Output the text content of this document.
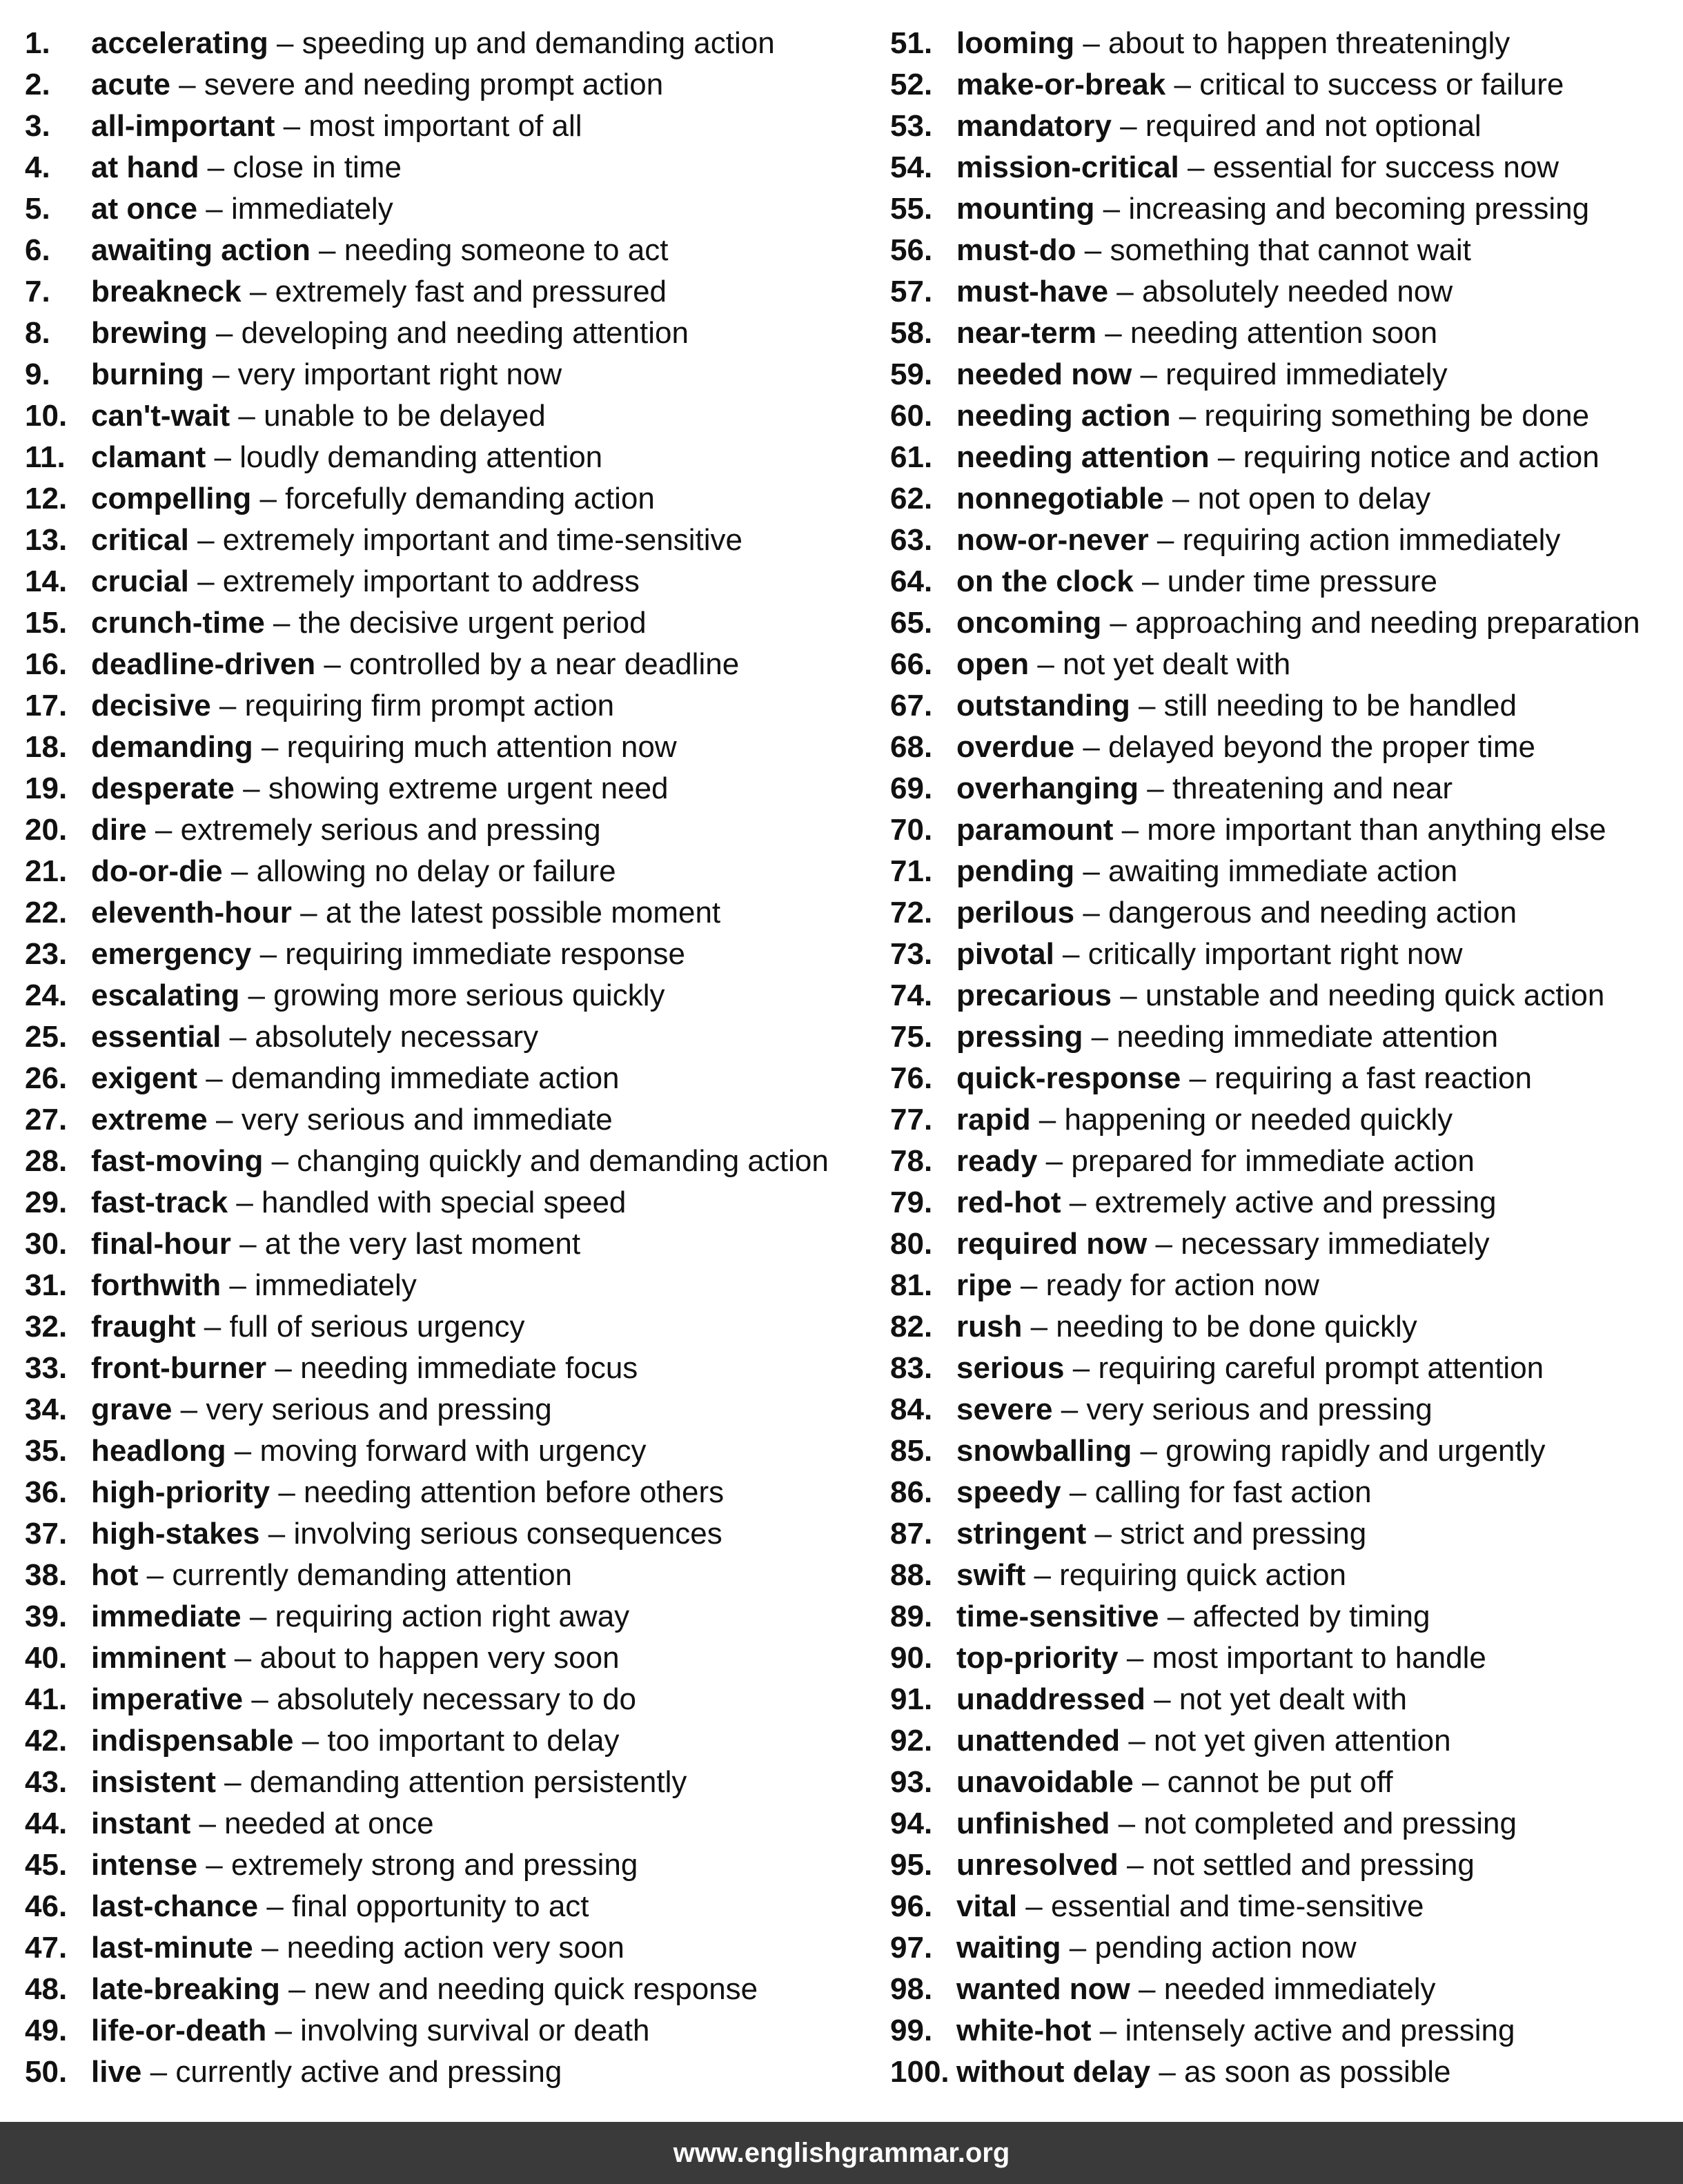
1.	accelerating – speeding up and demanding action
2.	acute – severe and needing prompt action
3.	all-important – most important of all
4.	at hand – close in time
5.	at once – immediately
6.	awaiting action – needing someone to act
7.	breakneck – extremely fast and pressured
8.	brewing – developing and needing attention
9.	burning – very important right now
10. can't-wait – unable to be delayed
11. clamant – loudly demanding attention
12. compelling – forcefully demanding action
13. critical – extremely important and time-sensitive
14. crucial – extremely important to address
15. crunch-time – the decisive urgent period
16. deadline-driven – controlled by a near deadline
17. decisive – requiring firm prompt action
18. demanding – requiring much attention now
19. desperate – showing extreme urgent need
20. dire – extremely serious and pressing
21. do-or-die – allowing no delay or failure
22. eleventh-hour – at the latest possible moment
23. emergency – requiring immediate response
24. escalating – growing more serious quickly
25. essential – absolutely necessary
26. exigent – demanding immediate action
27. extreme – very serious and immediate
28. fast-moving – changing quickly and demanding action
29. fast-track – handled with special speed
30. final-hour – at the very last moment
31. forthwith – immediately
32. fraught – full of serious urgency
33. front-burner – needing immediate focus
34. grave – very serious and pressing
35. headlong – moving forward with urgency
36. high-priority – needing attention before others
37. high-stakes – involving serious consequences
38. hot – currently demanding attention
39. immediate – requiring action right away
40. imminent – about to happen very soon
41. imperative – absolutely necessary to do
42. indispensable – too important to delay
43. insistent – demanding attention persistently
44. instant – needed at once
45. intense – extremely strong and pressing
46. last-chance – final opportunity to act
47. last-minute – needing action very soon
48. late-breaking – new and needing quick response
49. life-or-death – involving survival or death
50. live – currently active and pressing
51. looming – about to happen threateningly
52. make-or-break – critical to success or failure
53. mandatory – required and not optional
54. mission-critical – essential for success now
55. mounting – increasing and becoming pressing
56. must-do – something that cannot wait
57. must-have – absolutely needed now
58. near-term – needing attention soon
59. needed now – required immediately
60. needing action – requiring something be done
61. needing attention – requiring notice and action
62. nonnegotiable – not open to delay
63. now-or-never – requiring action immediately
64. on the clock – under time pressure
65. oncoming – approaching and needing preparation
66. open – not yet dealt with
67. outstanding – still needing to be handled
68. overdue – delayed beyond the proper time
69. overhanging – threatening and near
70. paramount – more important than anything else
71. pending – awaiting immediate action
72. perilous – dangerous and needing action
73. pivotal – critically important right now
74. precarious – unstable and needing quick action
75. pressing – needing immediate attention
76. quick-response – requiring a fast reaction
77. rapid – happening or needed quickly
78. ready – prepared for immediate action
79. red-hot – extremely active and pressing
80. required now – necessary immediately
81. ripe – ready for action now
82. rush – needing to be done quickly
83. serious – requiring careful prompt attention
84. severe – very serious and pressing
85. snowballing – growing rapidly and urgently
86. speedy – calling for fast action
87. stringent – strict and pressing
88. swift – requiring quick action
89. time-sensitive – affected by timing
90. top-priority – most important to handle
91. unaddressed – not yet dealt with
92. unattended – not yet given attention
93. unavoidable – cannot be put off
94. unfinished – not completed and pressing
95. unresolved – not settled and pressing
96. vital – essential and time-sensitive
97. waiting – pending action now
98. wanted now – needed immediately
99. white-hot – intensely active and pressing
100. without delay – as soon as possible
www.englishgrammar.org
